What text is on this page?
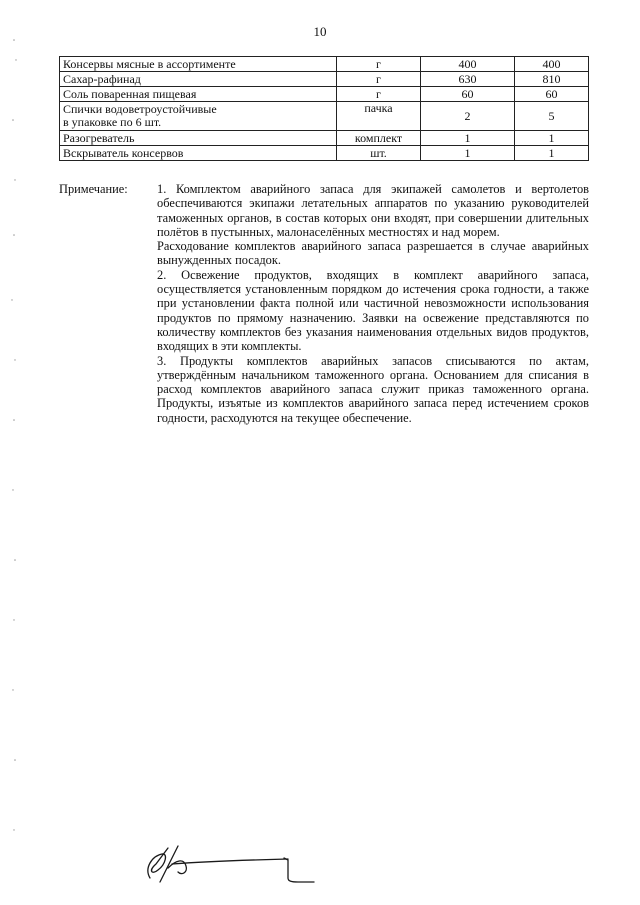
10
Консервы мясные в ассортименте	г	400	400
Сахар-рафинад	г	630	810
Соль поваренная пищевая	г	60	60
Спички водоветроустойчивые
в упаковке по 6 шт.	пачка	2	5
Разогреватель	комплект	1	1
Вскрыватель консервов	шт.	1	1
Примечание: 1. Комплектом аварийного запаса для экипажей самолетов и вертолетов обеспечиваются экипажи летательных аппаратов по указанию руководителей таможенных органов, в состав которых они входят, при совершении длительных полётов в пустынных, малонаселённых местностях и над морем.

Расходование комплектов аварийного запаса разрешается в случае аварийных вынужденных посадок.

2. Освежение продуктов, входящих в комплект аварийного запаса, осуществляется установленным порядком до истечения срока годности, а также при установлении факта полной или частичной невозможности использования продуктов по прямому назначению. Заявки на освежение представляются по количеству комплектов без указания наименования отдельных видов продуктов, входящих в эти комплекты.

3. Продукты комплектов аварийных запасов списываются по актам, утверждённым начальником таможенного органа. Основанием для списания в расход комплектов аварийного запаса служит приказ таможенного органа. Продукты, изъятые из комплектов аварийного запаса перед истечением сроков годности, расходуются на текущее обеспечение.
